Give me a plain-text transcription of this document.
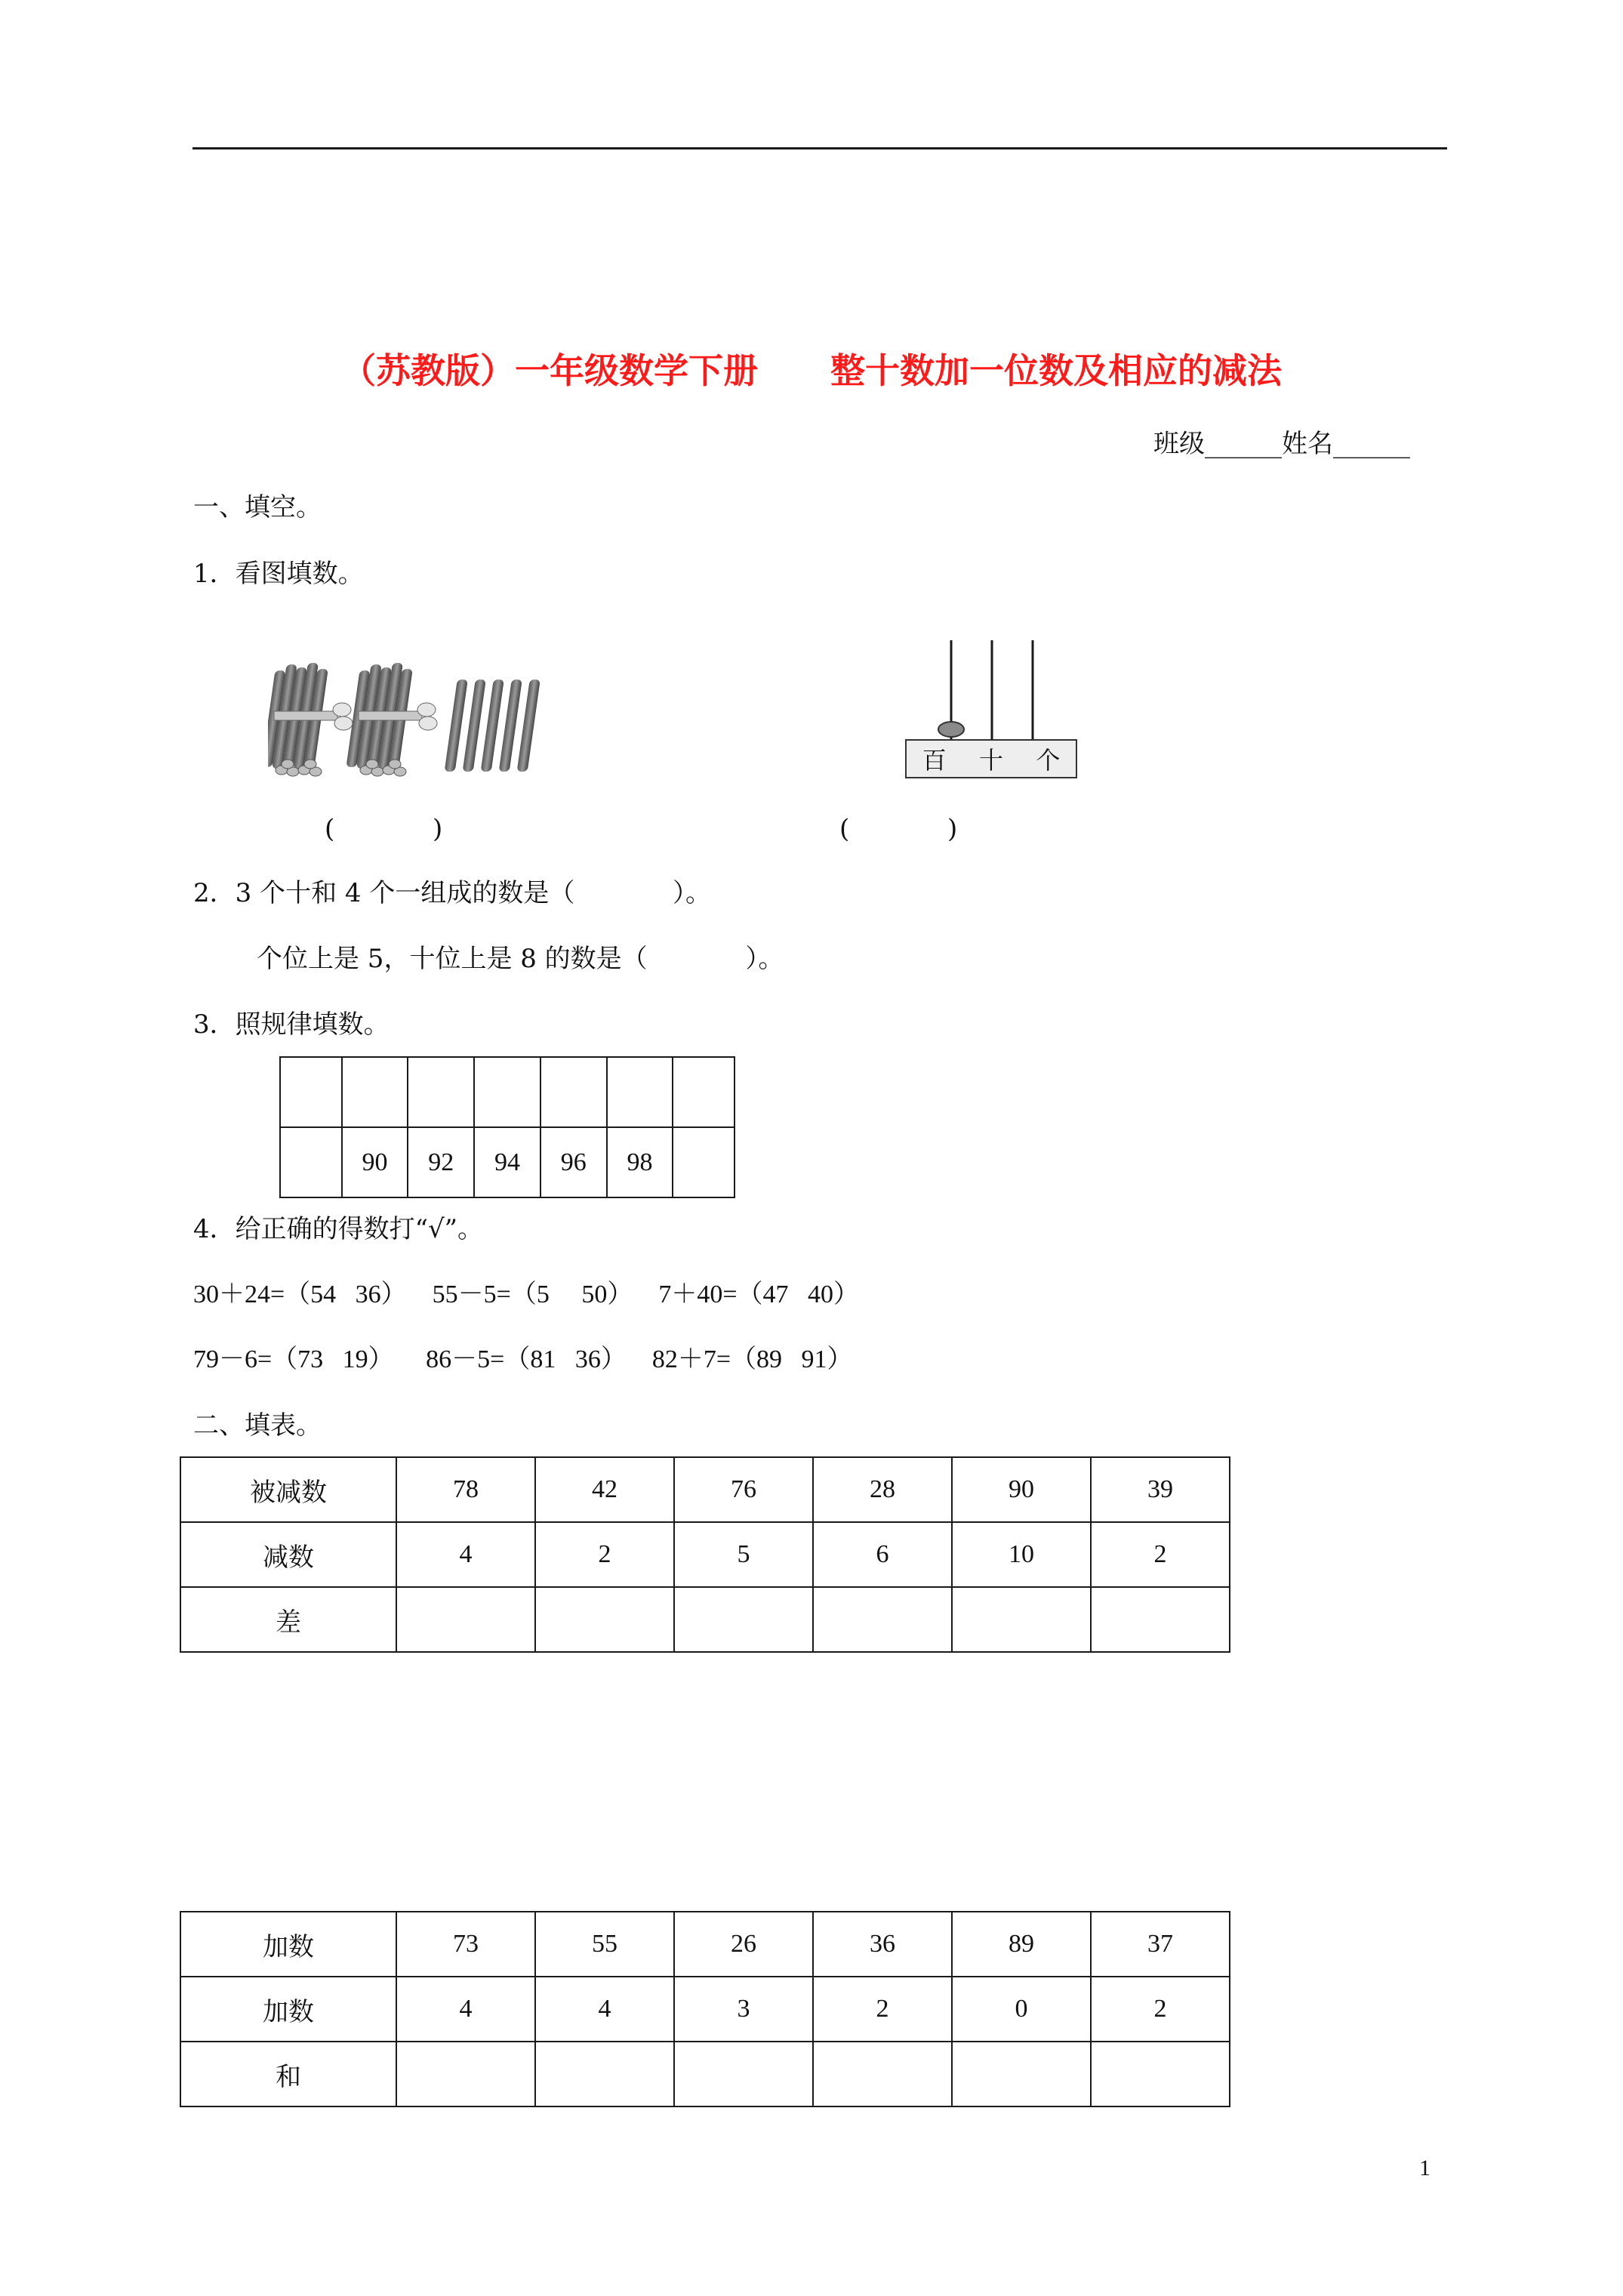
（苏教版）一年级数学下册      整十数加一位数及相应的减法
班级______姓名______
一、填空。
1．看图填数。
百 十 个
(            )	(            )
2．3 个十和 4 个一组成的数是（            ）。
个位上是 5，十位上是 8 的数是（            ）。
3．照规律填数。

	90	92	94	96	98	
4．给正确的得数打“√”。
30＋24=（54   36）    55－5=（5     50）    7＋40=（47   40）
79－6=（73   19）     86－5=（81   36）    82＋7=（89   91）
二、填表。
被减数	78	42	76	28	90	39
减数	4	2	5	6	10	2
差						
加数	73	55	26	36	89	37
加数	4	4	3	2	0	2
和						
1
